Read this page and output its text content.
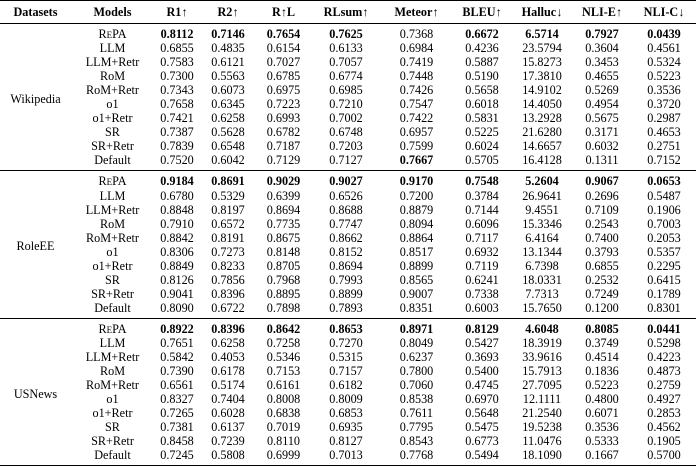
Datasets	Models	R1↑	R2↑	R↑L	RLsum↑	Meteor↑	BLEU↑	Halluc↓	NLI-E↑	NLI-C↓
Wikipedia	RePA	0.8112	0.7146	0.7654	0.7625	0.7368	0.6672	6.5714	0.7927	0.0439
	LLM	0.6855	0.4835	0.6154	0.6133	0.6984	0.4236	23.5794	0.3604	0.4561
	LLM+Retr	0.7583	0.6121	0.7027	0.7057	0.7419	0.5887	15.8273	0.3453	0.5324
	RoM	0.7300	0.5563	0.6785	0.6774	0.7448	0.5190	17.3810	0.4655	0.5223
	RoM+Retr	0.7343	0.6073	0.6975	0.6985	0.7426	0.5658	14.9102	0.5269	0.3536
	o1	0.7658	0.6345	0.7223	0.7210	0.7547	0.6018	14.4050	0.4954	0.3720
	o1+Retr	0.7421	0.6258	0.6993	0.7002	0.7422	0.5831	13.2928	0.5675	0.2987
	SR	0.7387	0.5628	0.6782	0.6748	0.6957	0.5225	21.6280	0.3171	0.4653
	SR+Retr	0.7839	0.6548	0.7187	0.7203	0.7599	0.6024	14.6657	0.6032	0.2751
	Default	0.7520	0.6042	0.7129	0.7127	0.7667	0.5705	16.4128	0.1311	0.7152
RoleEE	RePA	0.9184	0.8691	0.9029	0.9027	0.9170	0.7548	5.2604	0.9067	0.0653
	LLM	0.6780	0.5329	0.6399	0.6526	0.7200	0.3784	26.9641	0.2696	0.5487
	LLM+Retr	0.8848	0.8197	0.8694	0.8688	0.8879	0.7144	9.4551	0.7109	0.1906
	RoM	0.7910	0.6572	0.7735	0.7747	0.8094	0.6096	15.3346	0.2543	0.7003
	RoM+Retr	0.8842	0.8191	0.8675	0.8662	0.8864	0.7117	6.4164	0.7400	0.2053
	o1	0.8306	0.7273	0.8148	0.8152	0.8517	0.6932	13.1344	0.3793	0.5357
	o1+Retr	0.8849	0.8233	0.8705	0.8694	0.8899	0.7119	6.7398	0.6855	0.2295
	SR	0.8126	0.7856	0.7968	0.7993	0.8565	0.6241	18.0331	0.2532	0.6415
	SR+Retr	0.9041	0.8396	0.8895	0.8899	0.9007	0.7338	7.7313	0.7249	0.1789
	Default	0.8090	0.6722	0.7898	0.7893	0.8351	0.6003	15.7650	0.1200	0.8301
USNews	RePA	0.8922	0.8396	0.8642	0.8653	0.8971	0.8129	4.6048	0.8085	0.0441
	LLM	0.7651	0.6258	0.7258	0.7270	0.8049	0.5427	18.3919	0.3749	0.5298
	LLM+Retr	0.5842	0.4053	0.5346	0.5315	0.6237	0.3693	33.9616	0.4514	0.4223
	RoM	0.7390	0.6178	0.7153	0.7157	0.7800	0.5400	15.7913	0.1836	0.4873
	RoM+Retr	0.6561	0.5174	0.6161	0.6182	0.7060	0.4745	27.7095	0.5223	0.2759
	o1	0.8327	0.7404	0.8008	0.8009	0.8538	0.6970	12.1111	0.4800	0.4927
	o1+Retr	0.7265	0.6028	0.6838	0.6853	0.7611	0.5648	21.2540	0.6071	0.2853
	SR	0.7381	0.6137	0.7019	0.6935	0.7795	0.5475	19.5238	0.3536	0.4562
	SR+Retr	0.8458	0.7239	0.8110	0.8127	0.8543	0.6773	11.0476	0.5333	0.1905
	Default	0.7245	0.5808	0.6999	0.7013	0.7768	0.5494	18.1090	0.1667	0.5700
